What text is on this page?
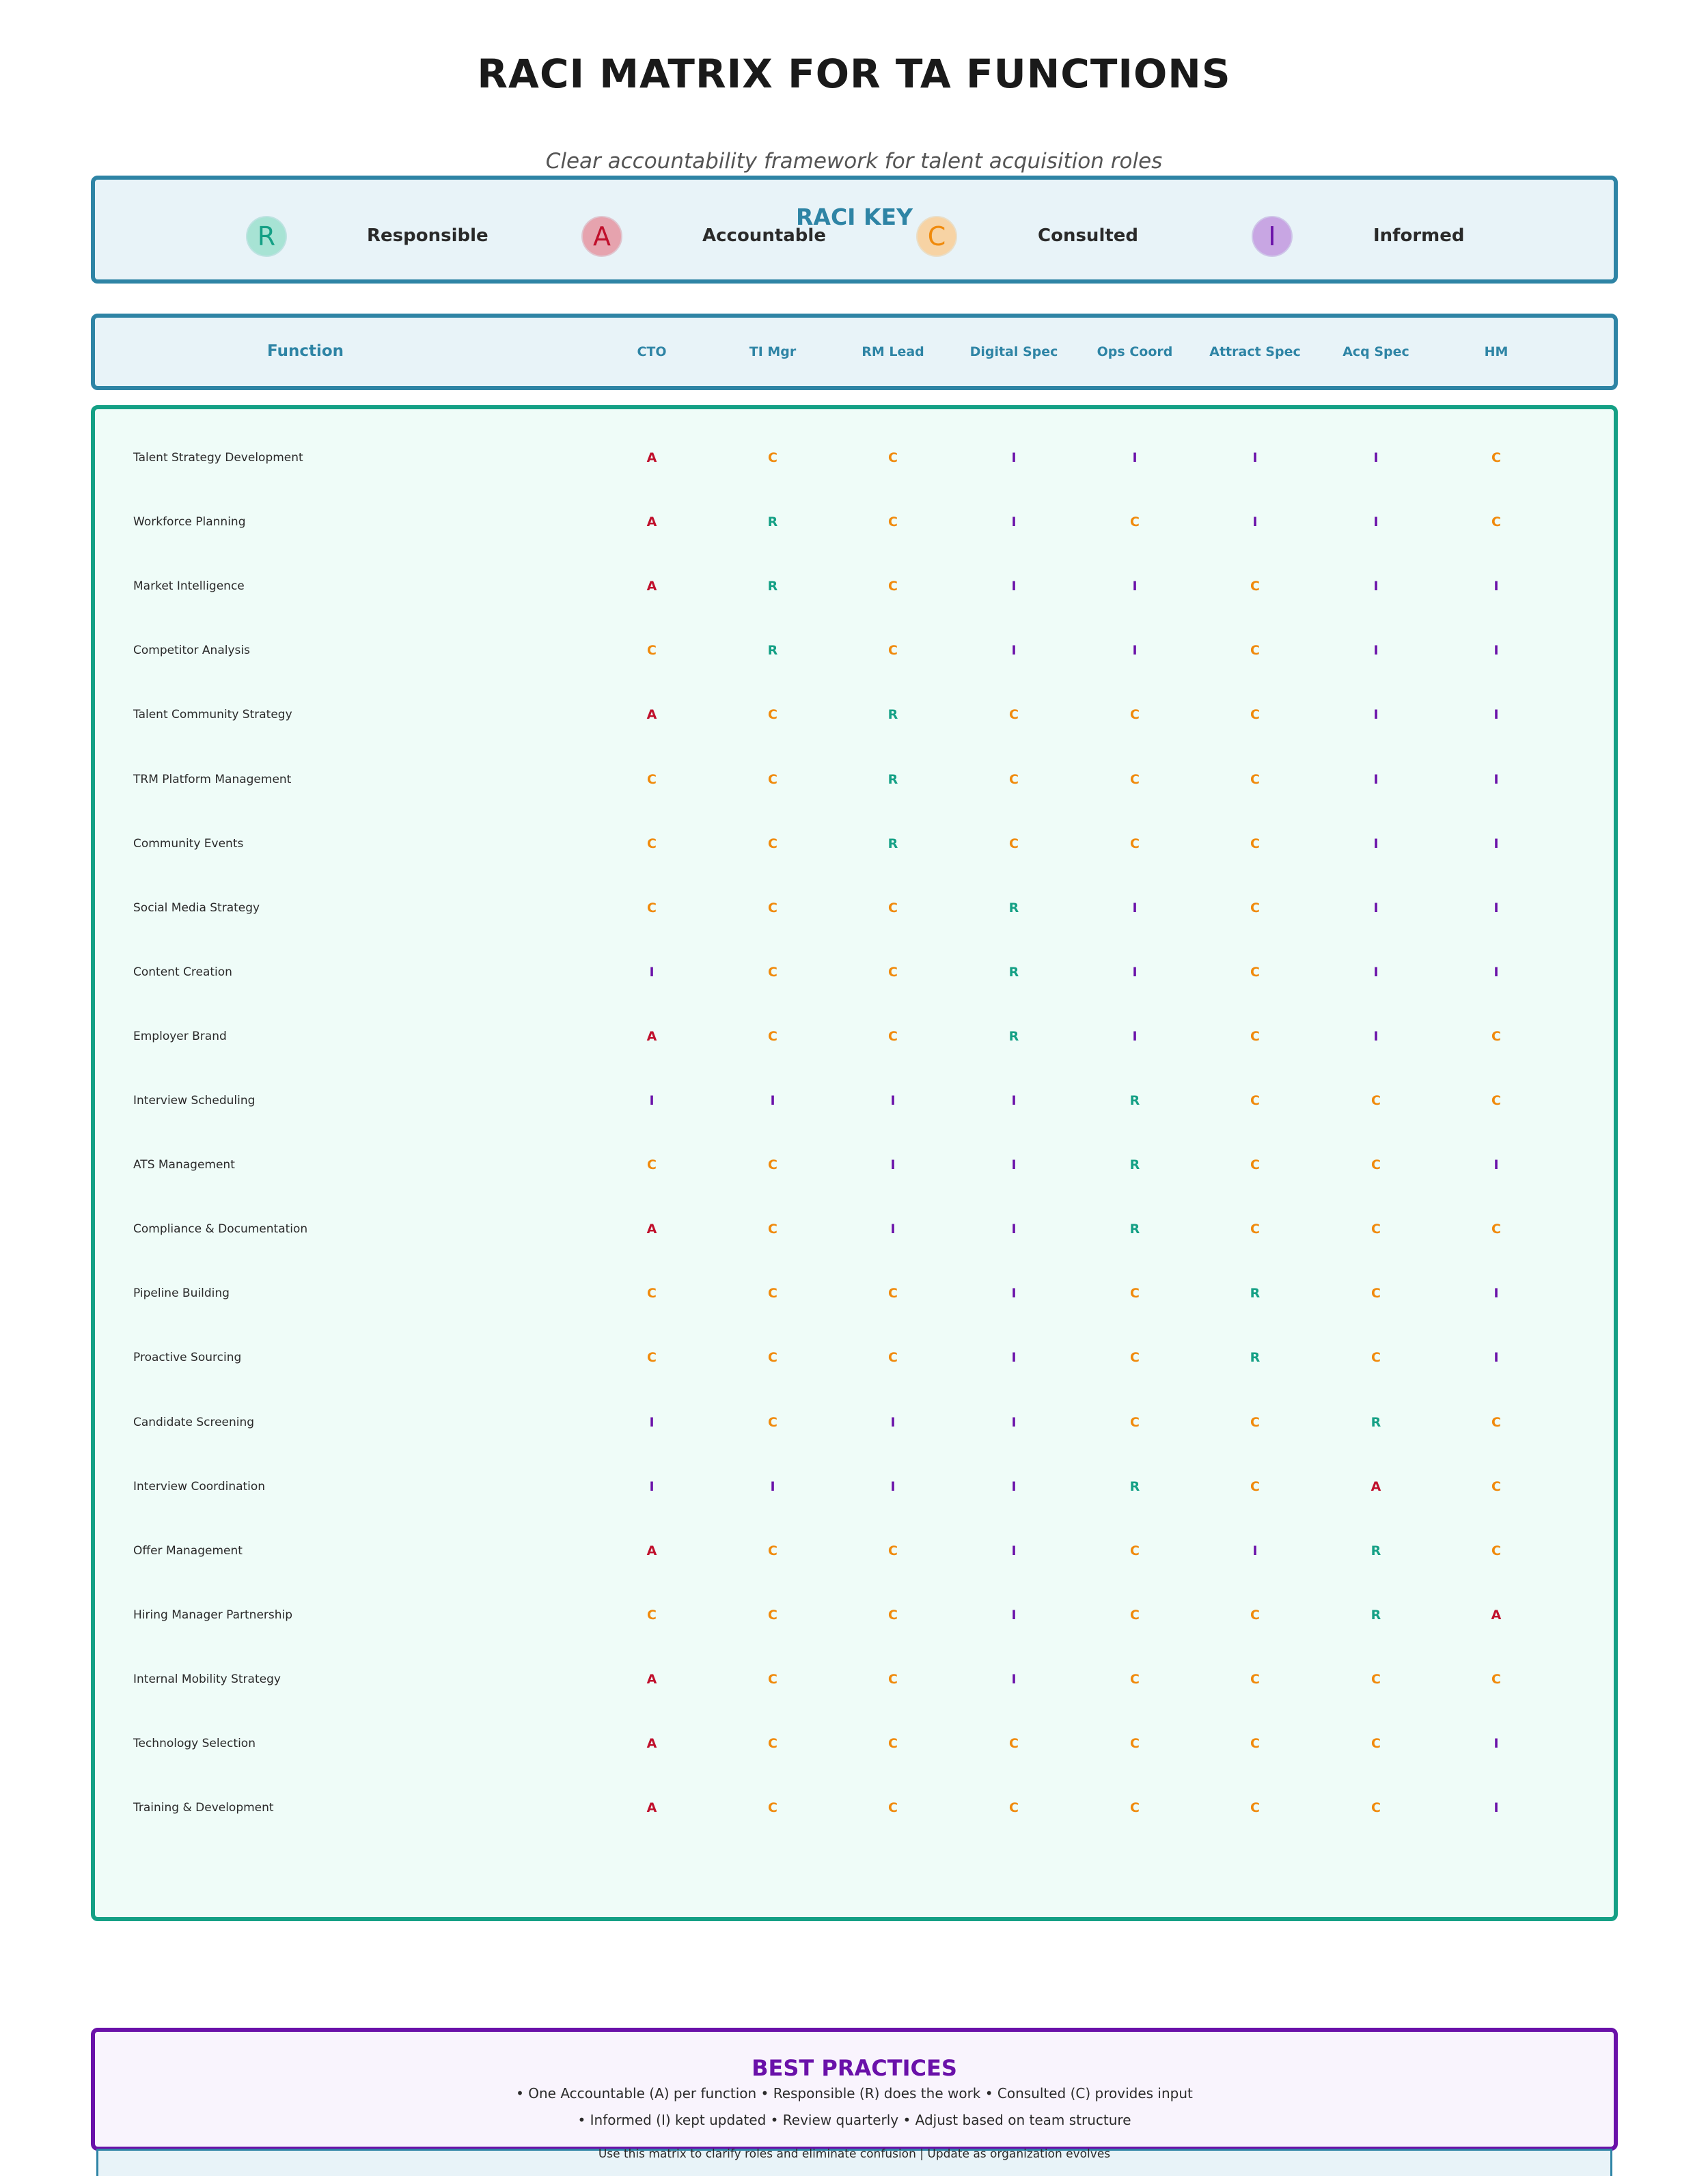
RACI MATRIX FOR TA FUNCTIONS
Clear accountability framework for talent acquisition roles
RACI KEY
R	Responsible	A	Accountable	C	Consulted	I	Informed
Function	CTO	TI Mgr	RM Lead	Digital Spec	Ops Coord	Attract Spec	Acq Spec	HM
Talent Strategy Development	A	C	C	I	I	I	I	C
Workforce Planning	A	R	C	I	C	I	I	C
Market Intelligence	A	R	C	I	I	C	I	I
Competitor Analysis	C	R	C	I	I	C	I	I
Talent Community Strategy	A	C	R	C	C	C	I	I
TRM Platform Management	C	C	R	C	C	C	I	I
Community Events	C	C	R	C	C	C	I	I
Social Media Strategy	C	C	C	R	I	C	I	I
Content Creation	I	C	C	R	I	C	I	I
Employer Brand	A	C	C	R	I	C	I	C
Interview Scheduling	I	I	I	I	R	C	C	C
ATS Management	C	C	I	I	R	C	C	I
Compliance & Documentation	A	C	I	I	R	C	C	C
Pipeline Building	C	C	C	I	C	R	C	I
Proactive Sourcing	C	C	C	I	C	R	C	I
Candidate Screening	I	C	I	I	C	C	R	C
Interview Coordination	I	I	I	I	R	C	A	C
Offer Management	A	C	C	I	C	I	R	C
Hiring Manager Partnership	C	C	C	I	C	C	R	A
Internal Mobility Strategy	A	C	C	I	C	C	C	C
Technology Selection	A	C	C	C	C	C	C	I
Training & Development	A	C	C	C	C	C	C	I
BEST PRACTICES
• One Accountable (A) per function • Responsible (R) does the work • Consulted (C) provides input
• Informed (I) kept updated • Review quarterly • Adjust based on team structure
Use this matrix to clarify roles and eliminate confusion | Update as organization evolves
